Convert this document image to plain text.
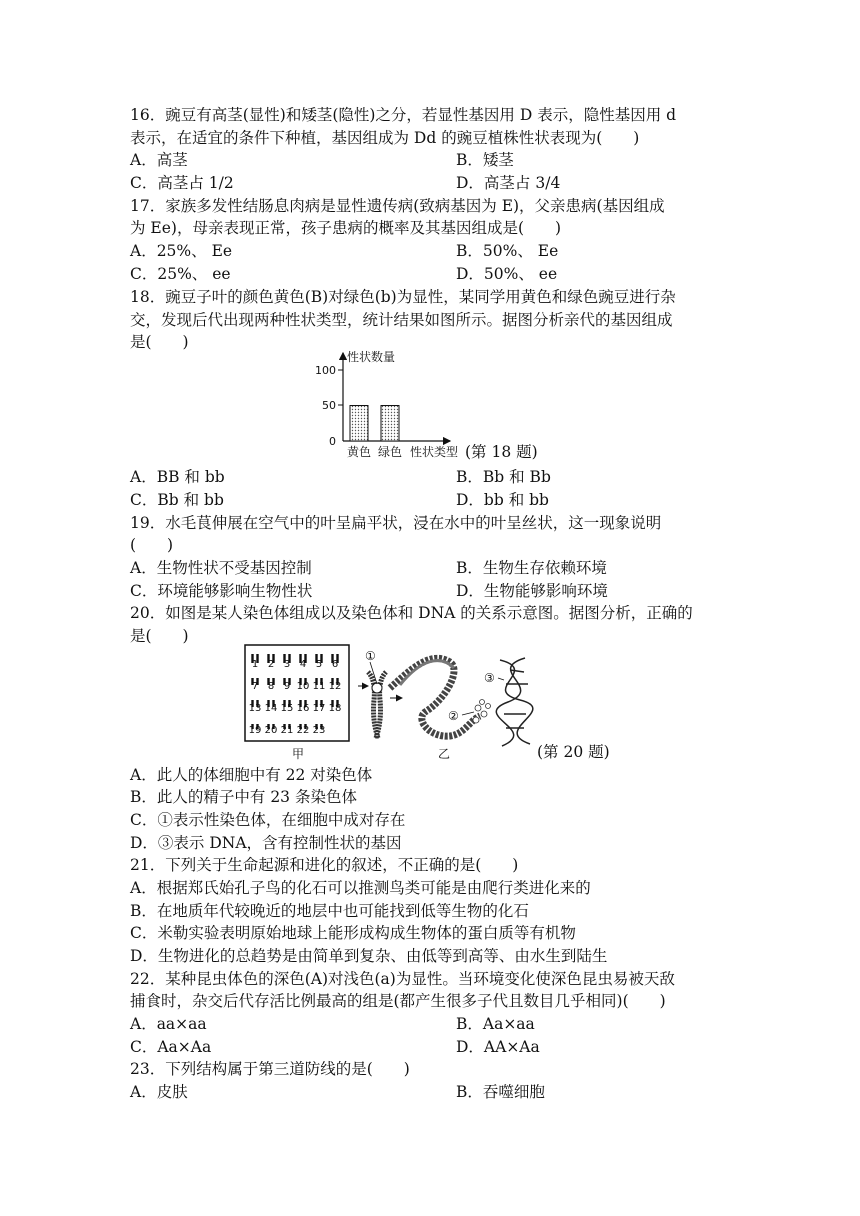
16．豌豆有高茎(显性)和矮茎(隐性)之分，若显性基因用 D 表示，隐性基因用 d
表示，在适宜的条件下种植，基因组成为 Dd 的豌豆植株性状表现为(　　)
A．高茎	B．矮茎
C．高茎占 1/2	D．高茎占 3/4
17．家族多发性结肠息肉病是显性遗传病(致病基因为 E)，父亲患病(基因组成
为 Ee)，母亲表现正常，孩子患病的概率及其基因组成是(　　)
A．25%、 Ee	B．50%、 Ee
C．25%、 ee	D．50%、 ee
18．豌豆子叶的颜色黄色(B)对绿色(b)为显性，某同学用黄色和绿色豌豆进行杂
交，发现后代出现两种性状类型，统计结果如图所示。据图分析亲代的基因组成
是(　　)
性状数量
100
50
0
黄色 绿色 性状类型 (第 18 题)
A．BB 和 bb	B．Bb 和 Bb
C．Bb 和 bb	D．bb 和 bb
19．水毛茛伸展在空气中的叶呈扁平状，浸在水中的叶呈丝状，这一现象说明
(　　)
A．生物性状不受基因控制	B．生物生存依赖环境
C．环境能够影响生物性状	D．生物能够影响环境
20．如图是某人染色体组成以及染色体和 DNA 的关系示意图。据图分析，正确的
是(　　)
1 2 3 4 5 6
7 8 9 10 11 12
13 14 15 16 17 18
19 20 21 22 23
①
②
③
甲	乙	(第 20 题)
A．此人的体细胞中有 22 对染色体
B．此人的精子中有 23 条染色体
C．①表示性染色体，在细胞中成对存在
D．③表示 DNA，含有控制性状的基因
21．下列关于生命起源和进化的叙述，不正确的是(　　)
A．根据郑氏始孔子鸟的化石可以推测鸟类可能是由爬行类进化来的
B．在地质年代较晚近的地层中也可能找到低等生物的化石
C．米勒实验表明原始地球上能形成构成生物体的蛋白质等有机物
D．生物进化的总趋势是由简单到复杂、由低等到高等、由水生到陆生
22．某种昆虫体色的深色(A)对浅色(a)为显性。当环境变化使深色昆虫易被天敌
捕食时，杂交后代存活比例最高的组是(都产生很多子代且数目几乎相同)(　　)
A．aa×aa	B．Aa×aa
C．Aa×Aa	D．AA×Aa
23．下列结构属于第三道防线的是(　　)
A．皮肤	B．吞噬细胞
